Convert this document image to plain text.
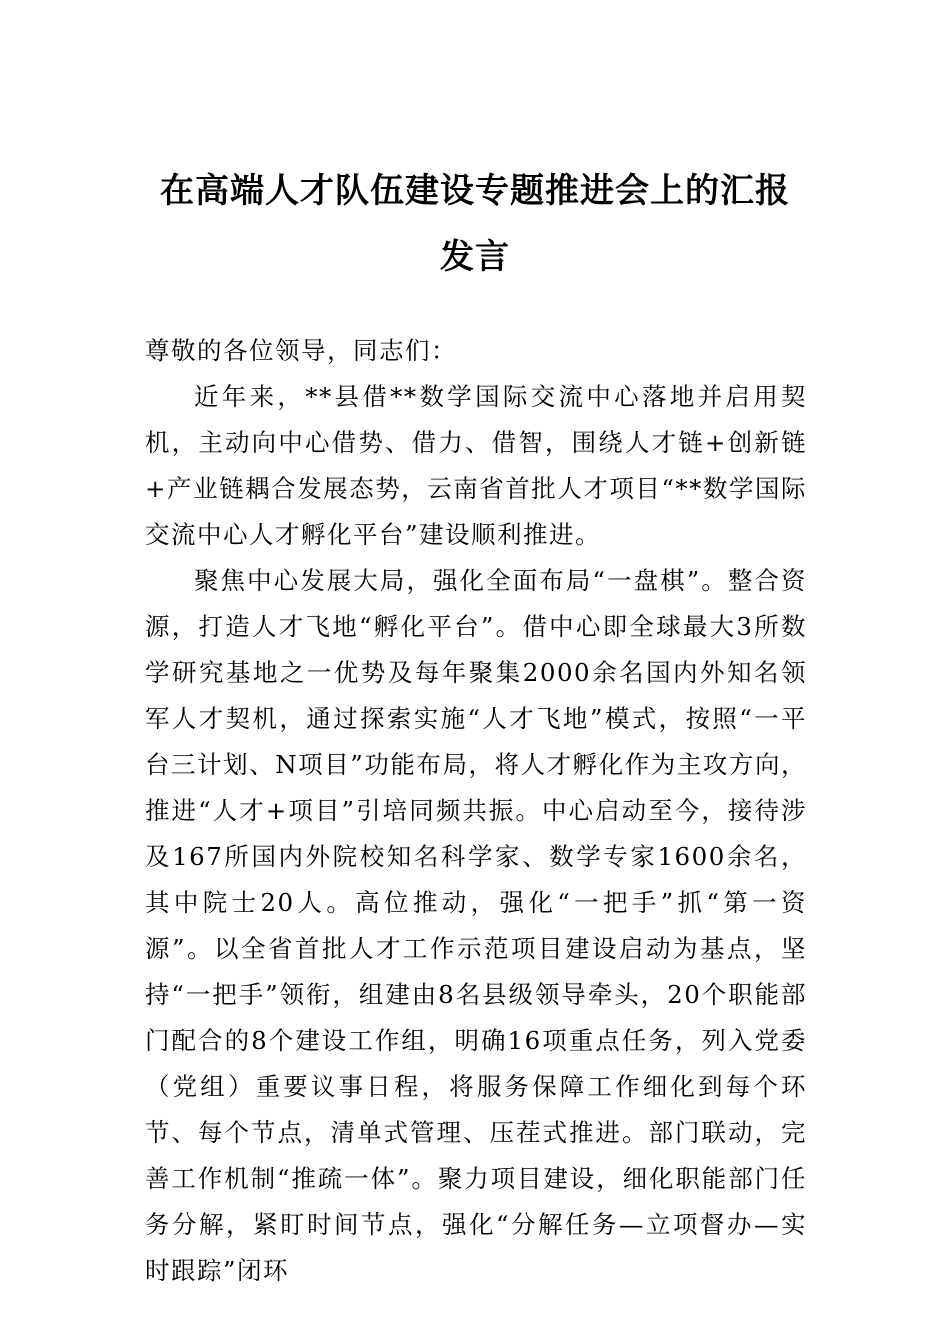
在高端人才队伍建设专题推进会上的汇报
发言

尊敬的各位领导，同志们：

近年来，**县借**数学国际交流中心落地并启用契机，主动向中心借势、借力、借智，围绕人才链+创新链+产业链耦合发展态势，云南省首批人才项目“**数学国际交流中心人才孵化平台”建设顺利推进。

聚焦中心发展大局，强化全面布局“一盘棋”。整合资源，打造人才飞地“孵化平台”。借中心即全球最大3所数学研究基地之一优势及每年聚集2000余名国内外知名领军人才契机，通过探索实施“人才飞地”模式，按照“一平台三计划、N项目”功能布局，将人才孵化作为主攻方向，推进“人才+项目”引培同频共振。中心启动至今，接待涉及167所国内外院校知名科学家、数学专家1600余名，其中院士20人。高位推动，强化“一把手”抓“第一资源”。以全省首批人才工作示范项目建设启动为基点，坚持“一把手”领衔，组建由8名县级领导牵头，20个职能部门配合的8个建设工作组，明确16项重点任务，列入党委（党组）重要议事日程，将服务保障工作细化到每个环节、每个节点，清单式管理、压茬式推进。部门联动，完善工作机制“推疏一体”。聚力项目建设，细化职能部门任务分解，紧盯时间节点，强化“分解任务—立项督办—实时跟踪”闭环
